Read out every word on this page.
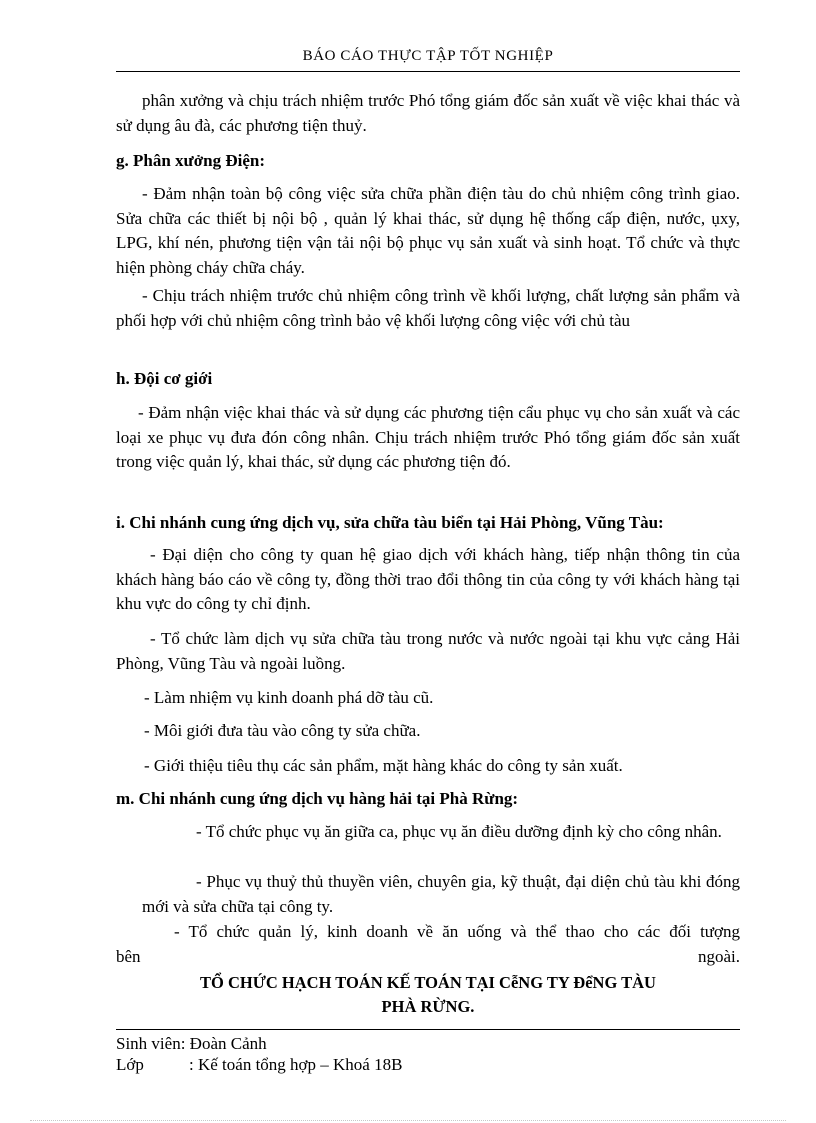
BÁO CÁO THỰC TẬP TỐT NGHIỆP
phân xưởng và chịu trách nhiệm trước Phó tổng giám đốc sản xuất về việc khai thác và sử dụng âu đà, các phương tiện thuỷ.
g. Phân xưởng Điện:
- Đảm nhận toàn bộ công việc sửa chữa phần điện tàu do chủ nhiệm công trình giao. Sửa chữa các thiết bị nội bộ , quản lý khai thác, sử dụng hệ thống cấp điện, nước, ụxy, LPG, khí nén, phương tiện vận tải nội bộ phục vụ sản xuất và sinh hoạt. Tổ chức và thực hiện phòng cháy chữa cháy.
- Chịu trách nhiệm trước chủ nhiệm công trình về khối lượng, chất lượng sản phẩm và phối hợp với chủ nhiệm công trình bảo vệ khối lượng công việc với chủ tàu
h. Đội cơ giới
- Đảm nhận việc khai thác và sử dụng các phương tiện cẩu phục vụ cho sản xuất và các loại xe phục vụ đưa đón công nhân. Chịu trách nhiệm trước Phó tổng giám đốc sản xuất trong việc quản lý, khai thác, sử dụng các phương tiện đó.
i. Chi nhánh cung ứng dịch vụ, sửa chữa tàu biển tại Hải Phòng, Vũng Tàu:
- Đại diện cho công ty quan hệ giao dịch với khách hàng, tiếp nhận thông tin của khách hàng báo cáo về công ty, đồng thời trao đổi thông tin của công ty với khách hàng tại khu vực do công ty chỉ định.
- Tổ chức làm dịch vụ sửa chữa tàu trong nước và nước ngoài tại khu vực cảng Hải Phòng, Vũng Tàu và ngoài luồng.
- Làm nhiệm vụ kinh doanh phá dỡ tàu cũ.
- Môi giới đưa tàu vào công ty sửa chữa.
- Giới thiệu tiêu thụ các sản phẩm, mặt hàng khác do công ty sản xuất.
m. Chi nhánh cung ứng dịch vụ hàng hải tại Phà Rừng:
- Tổ chức phục vụ ăn giữa ca, phục vụ ăn điều dưỡng định kỳ cho công nhân.
- Phục vụ thuỷ thủ thuyền viên, chuyên gia, kỹ thuật, đại diện chủ tàu khi đóng mới và sửa chữa tại công ty.
- Tổ chức quản lý, kinh doanh về ăn uống và thể thao cho các đối tượng
bên	ngoài.
TỔ CHỨC HẠCH TOÁN KẾ TOÁN TẠI CễNG TY ĐểNG TÀU
PHÀ RỪNG.
Sinh viên: Đoàn Cảnh
Lớp	: Kế toán tổng hợp – Khoá 18B
